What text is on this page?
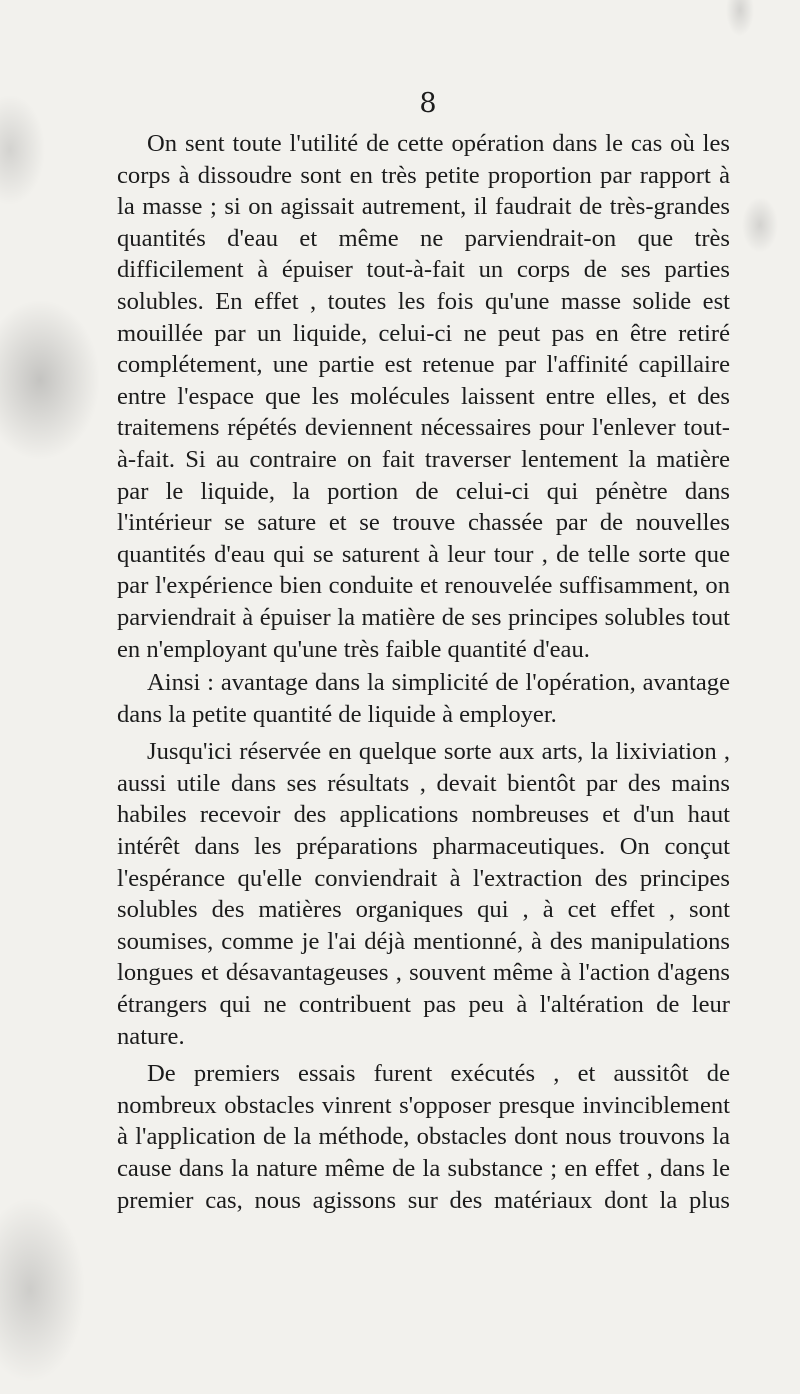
8

On sent toute l'utilité de cette opération dans le cas où les corps à dissoudre sont en très petite proportion par rapport à la masse ; si on agissait autrement, il faudrait de très-grandes quantités d'eau et même ne parviendrait-on que très difficilement à épuiser tout-à-fait un corps de ses parties solubles. En effet , toutes les fois qu'une masse solide est mouillée par un liquide, celui-ci ne peut pas en être retiré complétement, une partie est retenue par l'affinité capillaire entre l'espace que les molécules laissent entre elles, et des traitemens répétés deviennent nécessaires pour l'enlever tout-à-fait. Si au contraire on fait traverser lentement la matière par le liquide, la portion de celui-ci qui pénètre dans l'intérieur se sature et se trouve chassée par de nouvelles quantités d'eau qui se saturent à leur tour , de telle sorte que par l'expérience bien conduite et renouvelée suffisamment, on parviendrait à épuiser la matière de ses principes solubles tout en n'employant qu'une très faible quantité d'eau.

Ainsi : avantage dans la simplicité de l'opération, avantage dans la petite quantité de liquide à employer.

Jusqu'ici réservée en quelque sorte aux arts, la lixiviation , aussi utile dans ses résultats , devait bientôt par des mains habiles recevoir des applications nombreuses et d'un haut intérêt dans les préparations pharmaceutiques. On conçut l'espérance qu'elle conviendrait à l'extraction des principes solubles des matières organiques qui , à cet effet , sont soumises, comme je l'ai déjà mentionné, à des manipulations longues et désavantageuses , souvent même à l'action d'agens étrangers qui ne contribuent pas peu à l'altération de leur nature.

De premiers essais furent exécutés , et aussitôt de nombreux obstacles vinrent s'opposer presque invinciblement à l'application de la méthode, obstacles dont nous trouvons la cause dans la nature même de la substance ; en effet , dans le premier cas, nous agissons sur des matériaux dont la plus
